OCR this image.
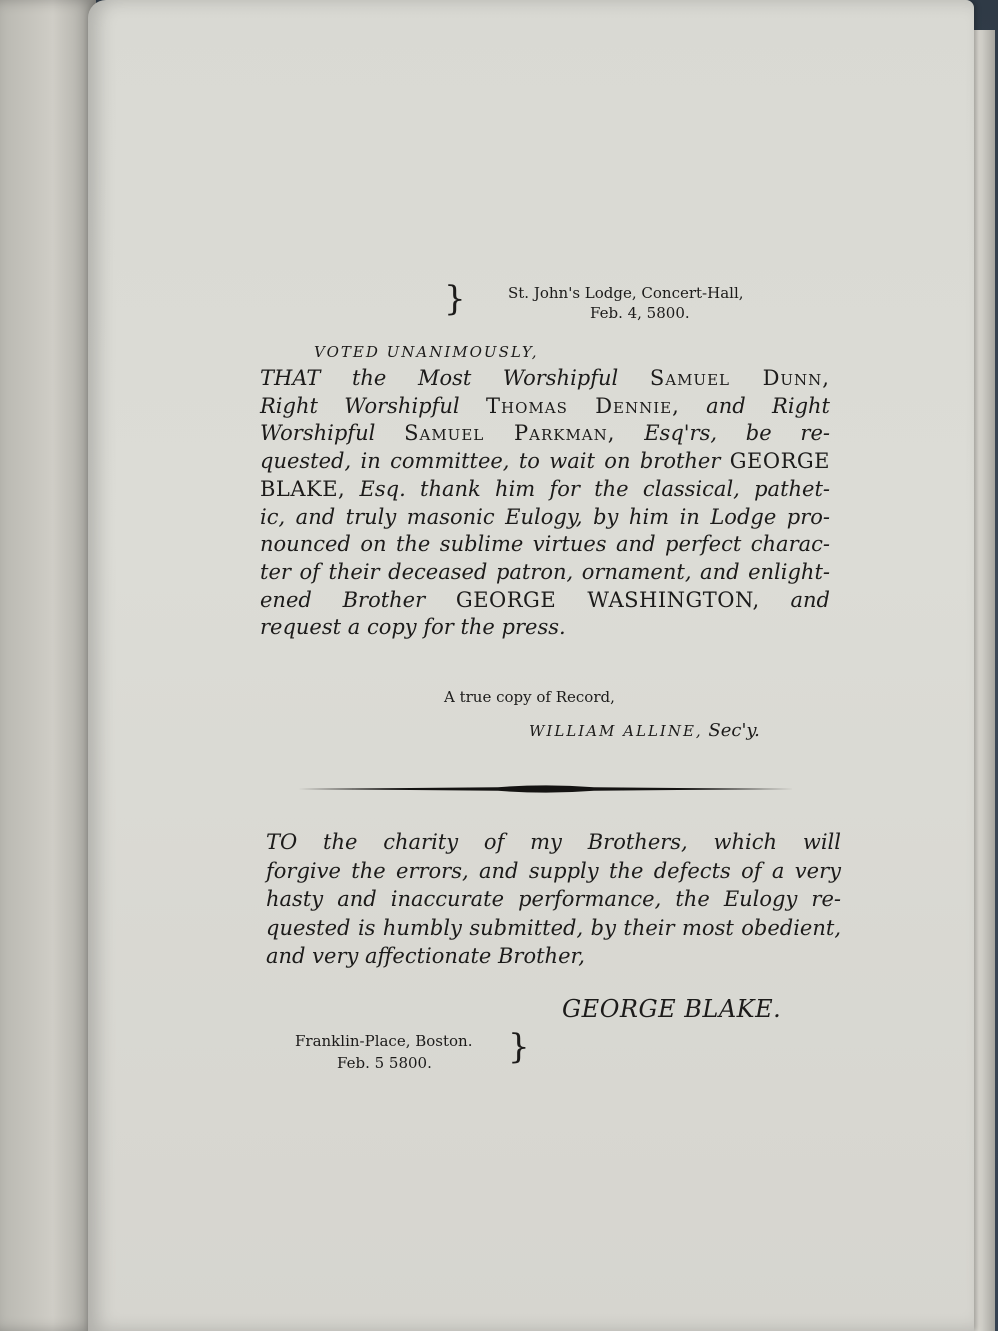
St. John's Lodge, Concert-Hall,
Feb. 4, 5800.
}
VOTED UNANIMOUSLY,
THAT the Most Worshipful Samuel Dunn,
Right Worshipful Thomas Dennie, and Right
Worshipful Samuel Parkman, Esq'rs, be re-
quested, in committee, to wait on brother GEORGE
BLAKE, Esq. thank him for the classical, pathet-
ic, and truly masonic Eulogy, by him in Lodge pro-
nounced on the sublime virtues and perfect charac-
ter of their deceased patron, ornament, and enlight-
ened Brother GEORGE WASHINGTON, and
request a copy for the press.
A true copy of Record,
WILLIAM ALLINE, Sec'y.
TO the charity of my Brothers, which will
forgive the errors, and supply the defects of a very
hasty and inaccurate performance, the Eulogy re-
quested is humbly submitted, by their most obedient,
and very affectionate Brother,
GEORGE BLAKE.
Franklin-Place, Boston.
Feb. 5 5800. }
